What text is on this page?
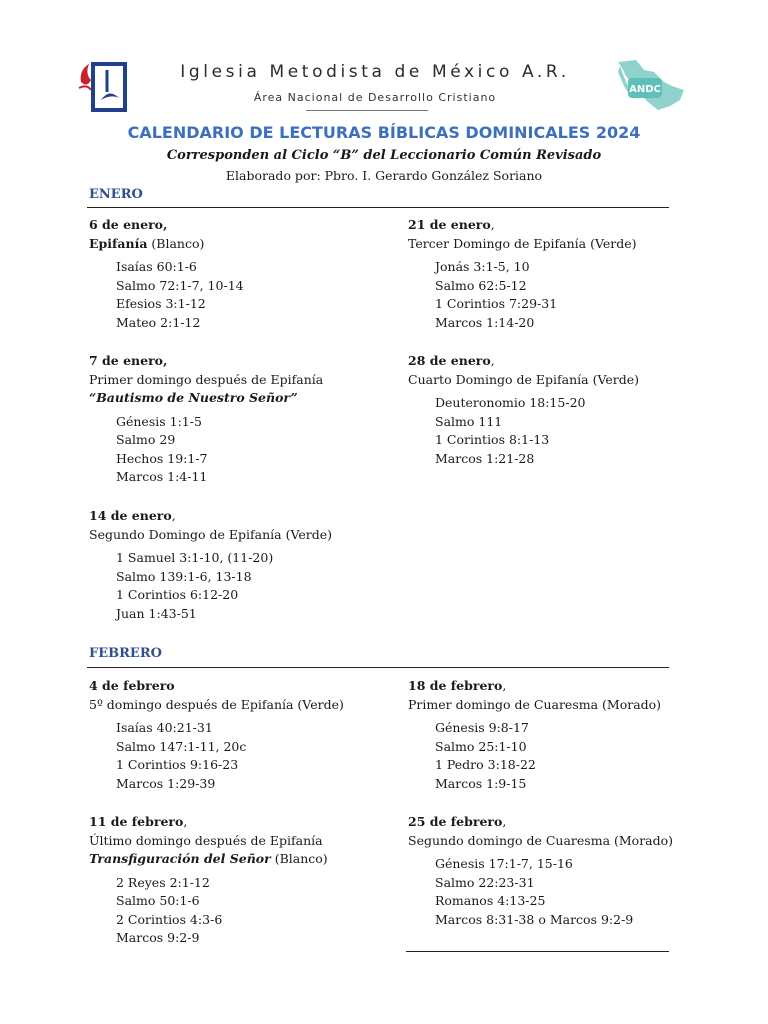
Iglesia Metodista de México A.R.
Área Nacional de Desarrollo Cristiano
ANDC
CALENDARIO DE LECTURAS BÍBLICAS DOMINICALES 2024
Corresponden al Ciclo “B” del Leccionario Común Revisado
Elaborado por: Pbro. I. Gerardo González Soriano
ENERO
6 de enero,
Epifanía (Blanco)
Isaías 60:1-6
Salmo 72:1-7, 10-14
Efesios 3:1-12
Mateo 2:1-12
21 de enero,
Tercer Domingo de Epifanía (Verde)
Jonás 3:1-5, 10
Salmo 62:5-12
1 Corintios 7:29-31
Marcos 1:14-20
7 de enero,
Primer domingo después de Epifanía
“Bautismo de Nuestro Señor”
Génesis 1:1-5
Salmo 29
Hechos 19:1-7
Marcos 1:4-11
28 de enero,
Cuarto Domingo de Epifanía (Verde)
Deuteronomio 18:15-20
Salmo 111
1 Corintios 8:1-13
Marcos 1:21-28
14 de enero,
Segundo Domingo de Epifanía (Verde)
1 Samuel 3:1-10, (11-20)
Salmo 139:1-6, 13-18
1 Corintios 6:12-20
Juan 1:43-51
FEBRERO
4 de febrero
5º domingo después de Epifanía (Verde)
Isaías 40:21-31
Salmo 147:1-11, 20c
1 Corintios 9:16-23
Marcos 1:29-39
18 de febrero,
Primer domingo de Cuaresma (Morado)
Génesis 9:8-17
Salmo 25:1-10
1 Pedro 3:18-22
Marcos 1:9-15
11 de febrero,
Último domingo después de Epifanía
Transfiguración del Señor (Blanco)
2 Reyes 2:1-12
Salmo 50:1-6
2 Corintios 4:3-6
Marcos 9:2-9
25 de febrero,
Segundo domingo de Cuaresma (Morado)
Génesis 17:1-7, 15-16
Salmo 22:23-31
Romanos 4:13-25
Marcos 8:31-38 o Marcos 9:2-9
